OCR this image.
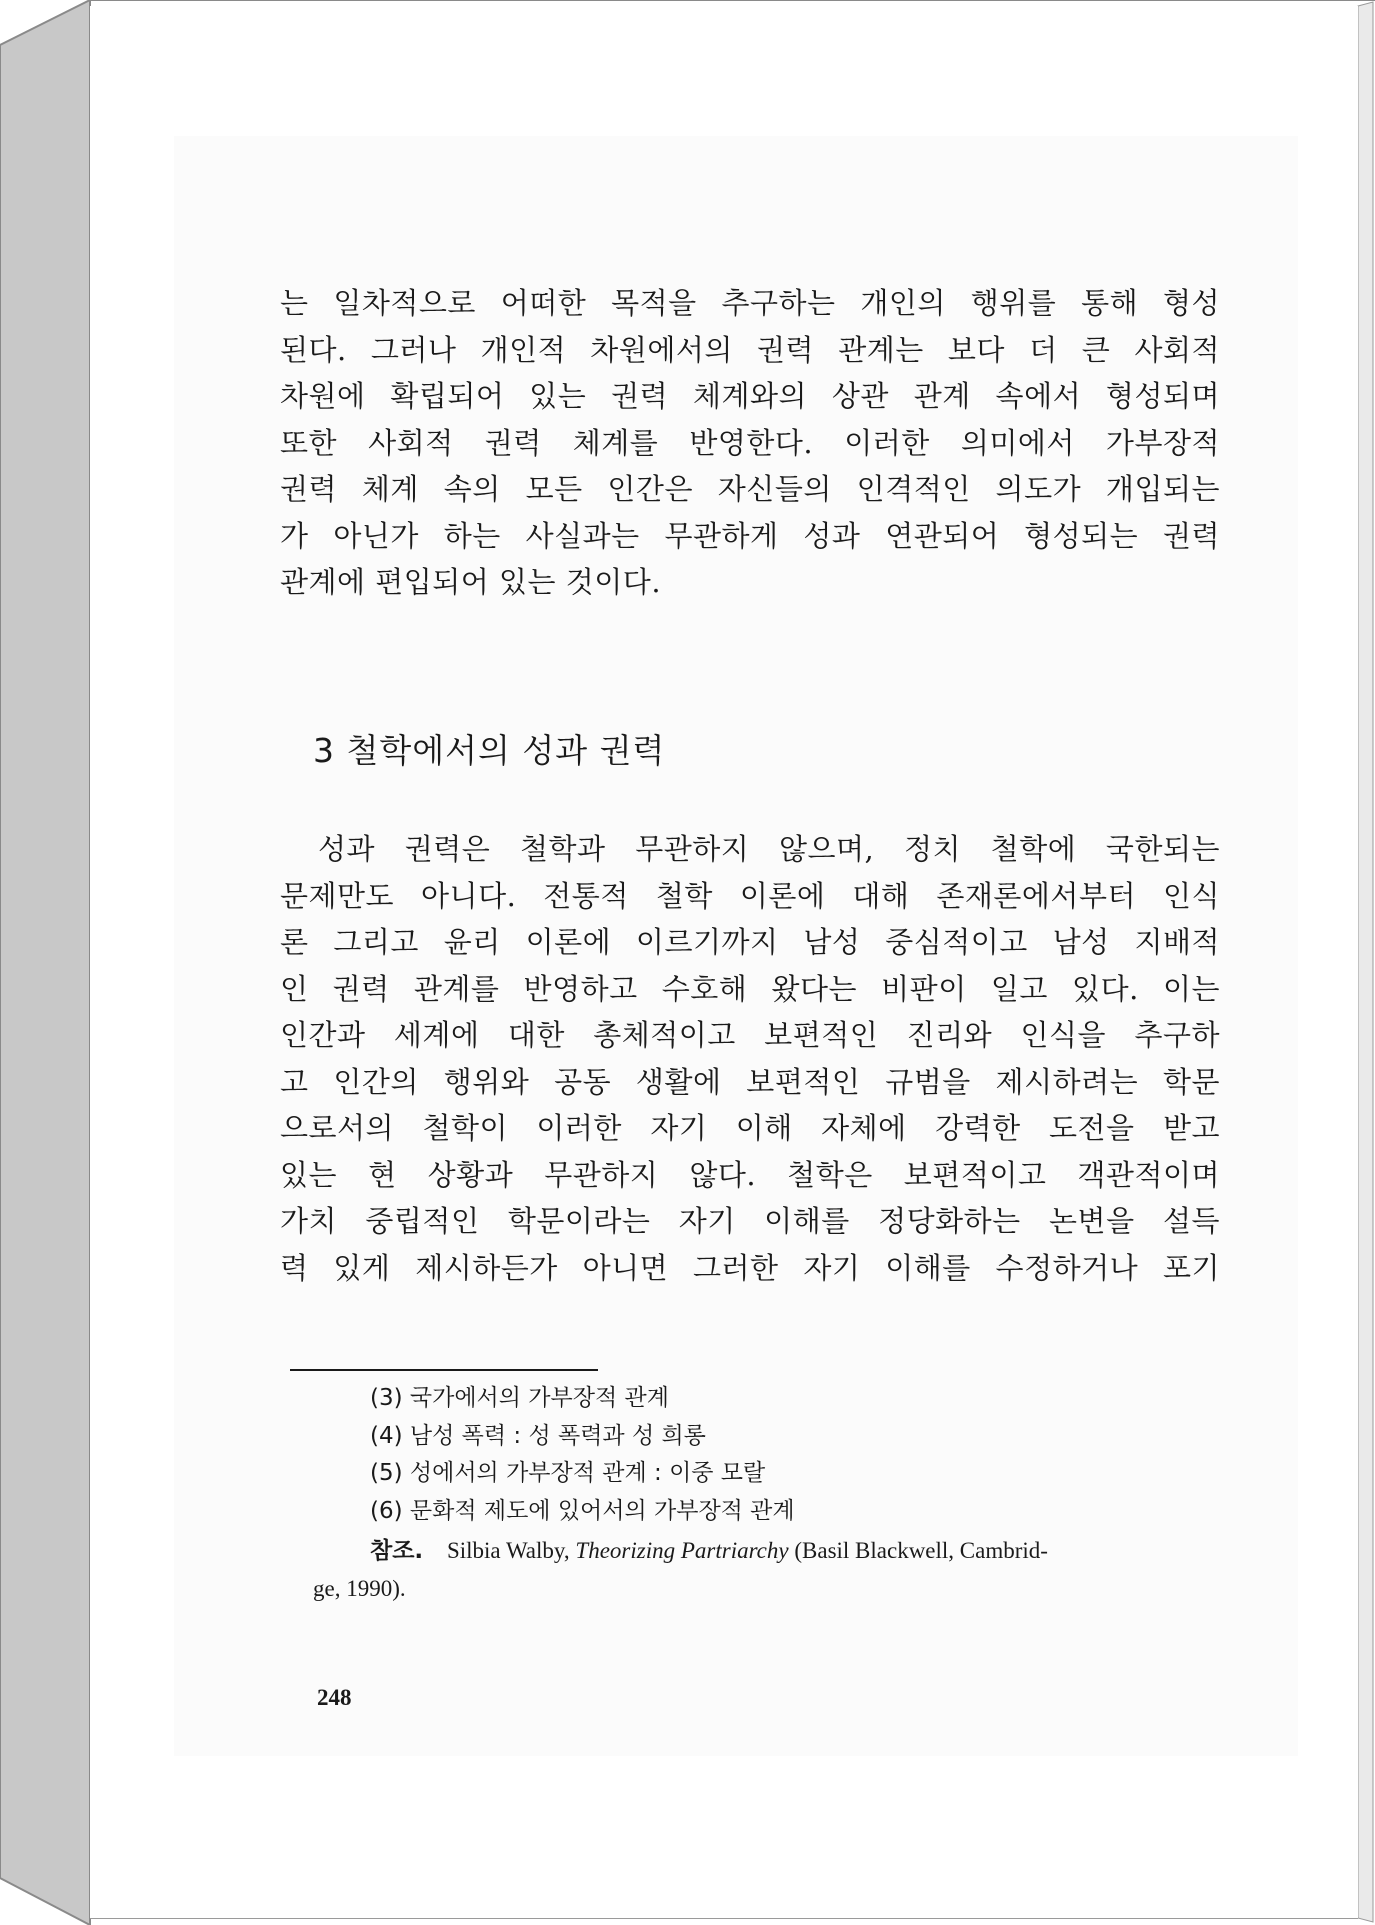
는 일차적으로 어떠한 목적을 추구하는 개인의 행위를 통해 형성
된다. 그러나 개인적 차원에서의 권력 관계는 보다 더 큰 사회적
차원에 확립되어 있는 권력 체계와의 상관 관계 속에서 형성되며
또한 사회적 권력 체계를 반영한다. 이러한 의미에서 가부장적
권력 체계 속의 모든 인간은 자신들의 인격적인 의도가 개입되는
가 아닌가 하는 사실과는 무관하게 성과 연관되어 형성되는 권력
관계에 편입되어 있는 것이다.
3 철학에서의 성과 권력
성과 권력은 철학과 무관하지 않으며, 정치 철학에 국한되는
문제만도 아니다. 전통적 철학 이론에 대해 존재론에서부터 인식
론 그리고 윤리 이론에 이르기까지 남성 중심적이고 남성 지배적
인 권력 관계를 반영하고 수호해 왔다는 비판이 일고 있다. 이는
인간과 세계에 대한 총체적이고 보편적인 진리와 인식을 추구하
고 인간의 행위와 공동 생활에 보편적인 규범을 제시하려는 학문
으로서의 철학이 이러한 자기 이해 자체에 강력한 도전을 받고
있는 현 상황과 무관하지 않다. 철학은 보편적이고 객관적이며
가치 중립적인 학문이라는 자기 이해를 정당화하는 논변을 설득
력 있게 제시하든가 아니면 그러한 자기 이해를 수정하거나 포기
(3) 국가에서의 가부장적 관계
(4) 남성 폭력 : 성 폭력과 성 희롱
(5) 성에서의 가부장적 관계 : 이중 모랄
(6) 문화적 제도에 있어서의 가부장적 관계
참조. Silbia Walby, Theorizing Partriarchy (Basil Blackwell, Cambrid-
ge, 1990).
248
